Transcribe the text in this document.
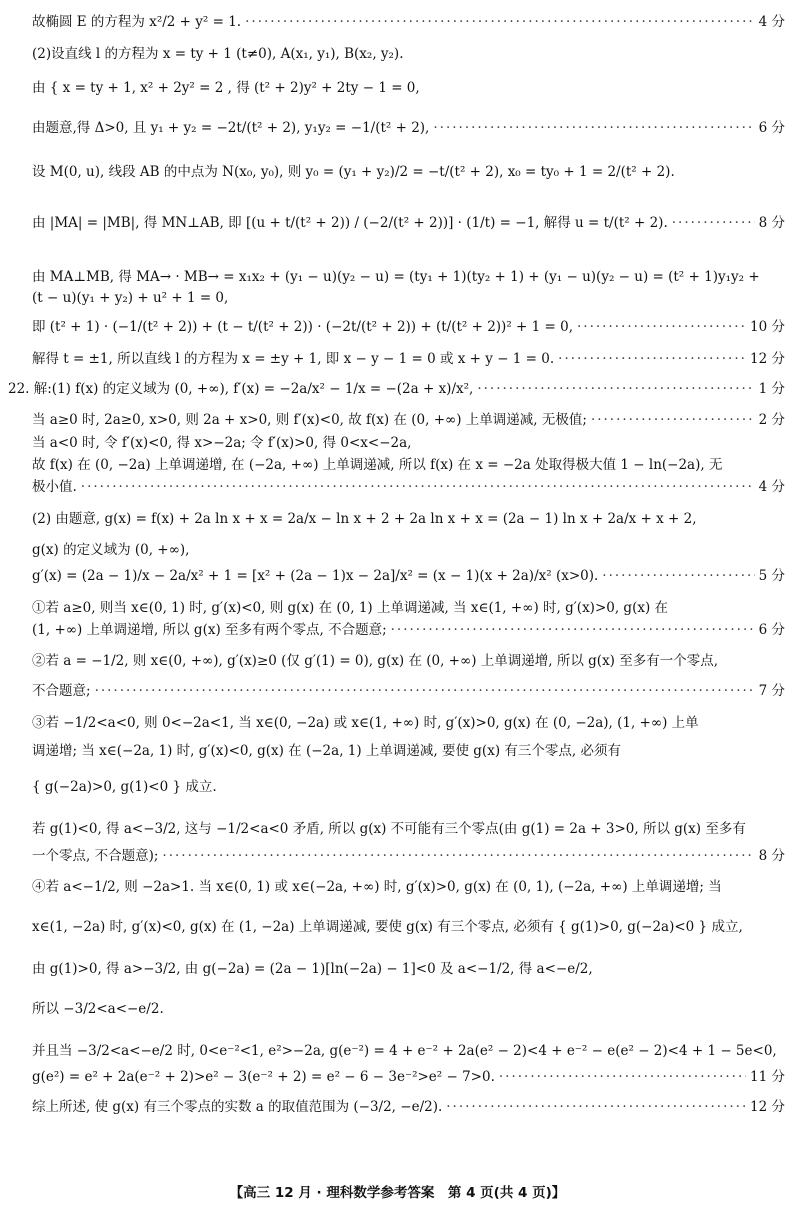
故椭圆 E 的方程为 x²/2 + y² = 1. ·····	4 分
(2)设直线 l 的方程为 x = ty + 1 (t≠0), A(x₁, y₁), B(x₂, y₂).
由 { x = ty + 1, x² + 2y² = 2 , 得 (t² + 2)y² + 2ty − 1 = 0,
由题意,得 Δ>0, 且 y₁ + y₂ = −2t/(t² + 2), y₁y₂ = −1/(t² + 2), ·····	6 分
设 M(0, u), 线段 AB 的中点为 N(x₀, y₀), 则 y₀ = (y₁ + y₂)/2 = −t/(t² + 2), x₀ = ty₀ + 1 = 2/(t² + 2).
由 |MA| = |MB|, 得 MN⊥AB, 即 [(u + t/(t² + 2)) / (−2/(t² + 2))] · (1/t) = −1, 解得 u = t/(t² + 2). ·····	8 分
由 MA⊥MB, 得 MA→ · MB→ = x₁x₂ + (y₁ − u)(y₂ − u) = (ty₁ + 1)(ty₂ + 1) + (y₁ − u)(y₂ − u) = (t² + 1)y₁y₂ +
(t − u)(y₁ + y₂) + u² + 1 = 0,
即 (t² + 1) · (−1/(t² + 2)) + (t − t/(t² + 2)) · (−2t/(t² + 2)) + (t/(t² + 2))² + 1 = 0, ·····	10 分
解得 t = ±1, 所以直线 l 的方程为 x = ±y + 1, 即 x − y − 1 = 0 或 x + y − 1 = 0. ·····	12 分
22. 解:(1) f(x) 的定义域为 (0, +∞), f′(x) = −2a/x² − 1/x = −(2a + x)/x², ·····	1 分
当 a≥0 时, 2a≥0, x>0, 则 2a + x>0, 则 f′(x)<0, 故 f(x) 在 (0, +∞) 上单调递减, 无极值; ·····	2 分
当 a<0 时, 令 f′(x)<0, 得 x>−2a; 令 f′(x)>0, 得 0<x<−2a,
故 f(x) 在 (0, −2a) 上单调递增, 在 (−2a, +∞) 上单调递减, 所以 f(x) 在 x = −2a 处取得极大值 1 − ln(−2a), 无
极小值. ·····	4 分
(2) 由题意, g(x) = f(x) + 2a ln x + x = 2a/x − ln x + 2 + 2a ln x + x = (2a − 1) ln x + 2a/x + x + 2,
g(x) 的定义域为 (0, +∞),
g′(x) = (2a − 1)/x − 2a/x² + 1 = [x² + (2a − 1)x − 2a]/x² = (x − 1)(x + 2a)/x² (x>0). ·····	5 分
①若 a≥0, 则当 x∈(0, 1) 时, g′(x)<0, 则 g(x) 在 (0, 1) 上单调递减, 当 x∈(1, +∞) 时, g′(x)>0, g(x) 在
(1, +∞) 上单调递增, 所以 g(x) 至多有两个零点, 不合题意; ·····	6 分
②若 a = −1/2, 则 x∈(0, +∞), g′(x)≥0 (仅 g′(1) = 0), g(x) 在 (0, +∞) 上单调递增, 所以 g(x) 至多有一个零点,
不合题意; ·····	7 分
③若 −1/2<a<0, 则 0<−2a<1, 当 x∈(0, −2a) 或 x∈(1, +∞) 时, g′(x)>0, g(x) 在 (0, −2a), (1, +∞) 上单
调递增; 当 x∈(−2a, 1) 时, g′(x)<0, g(x) 在 (−2a, 1) 上单调递减, 要使 g(x) 有三个零点, 必须有
{ g(−2a)>0, g(1)<0 } 成立.
若 g(1)<0, 得 a<−3/2, 这与 −1/2<a<0 矛盾, 所以 g(x) 不可能有三个零点(由 g(1) = 2a + 3>0, 所以 g(x) 至多有
一个零点, 不合题意); ·····	8 分
④若 a<−1/2, 则 −2a>1. 当 x∈(0, 1) 或 x∈(−2a, +∞) 时, g′(x)>0, g(x) 在 (0, 1), (−2a, +∞) 上单调递增; 当
x∈(1, −2a) 时, g′(x)<0, g(x) 在 (1, −2a) 上单调递减, 要使 g(x) 有三个零点, 必须有 { g(1)>0, g(−2a)<0 } 成立,
由 g(1)>0, 得 a>−3/2, 由 g(−2a) = (2a − 1)[ln(−2a) − 1]<0 及 a<−1/2, 得 a<−e/2,
所以 −3/2<a<−e/2.
并且当 −3/2<a<−e/2 时, 0<e⁻²<1, e²>−2a, g(e⁻²) = 4 + e⁻² + 2a(e² − 2)<4 + e⁻² − e(e² − 2)<4 + 1 − 5e<0,
g(e²) = e² + 2a(e⁻² + 2)>e² − 3(e⁻² + 2) = e² − 6 − 3e⁻²>e² − 7>0. ·····	11 分
综上所述, 使 g(x) 有三个零点的实数 a 的取值范围为 (−3/2, −e/2). ·····	12 分
【高三 12 月 · 理科数学参考答案　第 4 页(共 4 页)】
